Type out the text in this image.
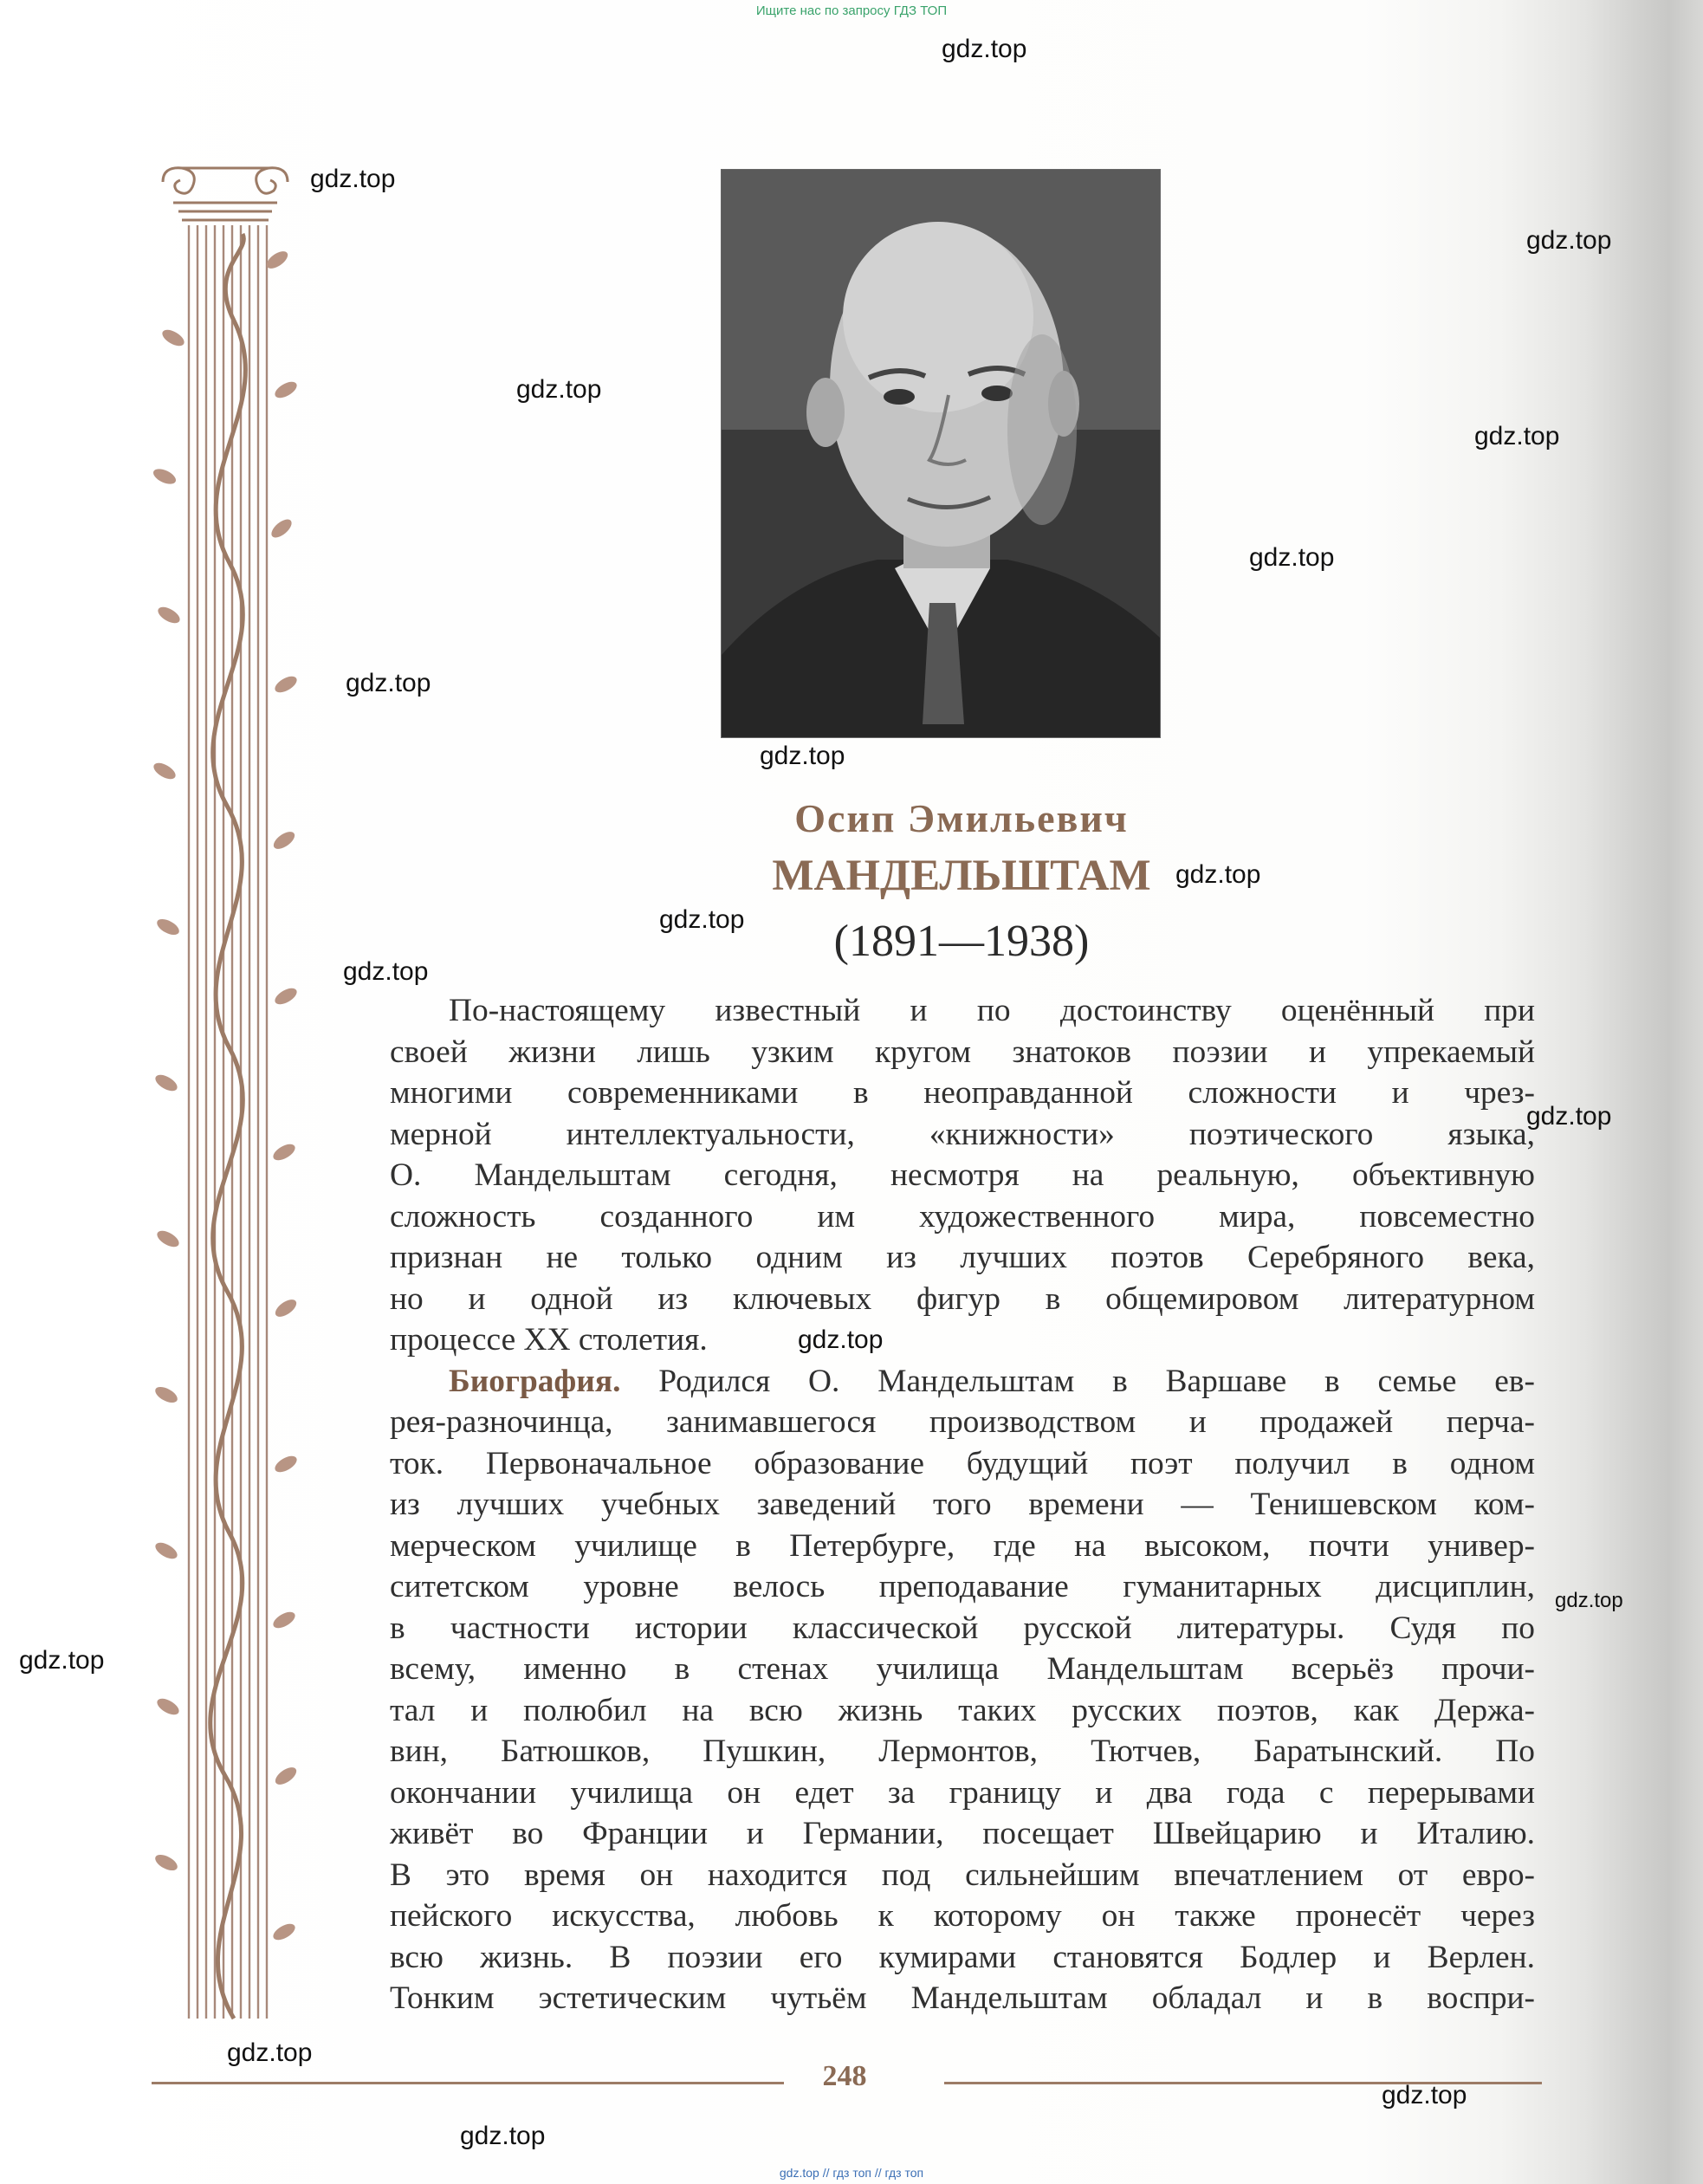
Ищите нас по запросу ГДЗ ТОП
Осип Эмильевич
МАНДЕЛЬШТАМ
(1891—1938)
По-настоящему известный и по достоинству оценённый при
своей жизни лишь узким кругом знатоков поэзии и упрекаемый
многими современниками в неоправданной сложности и чрез-
мерной интеллектуальности, «книжности» поэтического языка,
О. Мандельштам сегодня, несмотря на реальную, объективную
сложность созданного им художественного мира, повсеместно
признан не только одним из лучших поэтов Серебряного века,
но и одной из ключевых фигур в общемировом литературном
процессе XX столетия.
Биография. Родился О. Мандельштам в Варшаве в семье ев-
рея-разночинца, занимавшегося производством и продажей перча-
ток. Первоначальное образование будущий поэт получил в одном
из лучших учебных заведений того времени — Тенишевском ком-
мерческом училище в Петербурге, где на высоком, почти универ-
ситетском уровне велось преподавание гуманитарных дисциплин,
в частности истории классической русской литературы. Судя по
всему, именно в стенах училища Мандельштам всерьёз прочи-
тал и полюбил на всю жизнь таких русских поэтов, как Держа-
вин, Батюшков, Пушкин, Лермонтов, Тютчев, Баратынский. По
окончании училища он едет за границу и два года с перерывами
живёт во Франции и Германии, посещает Швейцарию и Италию.
В это время он находится под сильнейшим впечатлением от евро-
пейского искусства, любовь к которому он также пронесёт через
всю жизнь. В поэзии его кумирами становятся Бодлер и Верлен.
Тонким эстетическим чутьём Мандельштам обладал и в воспри-
248
gdz.top
gdz.top
gdz.top
gdz.top
gdz.top
gdz.top
gdz.top
gdz.top
gdz.top
gdz.top
gdz.top
gdz.top
gdz.top
gdz.top
gdz.top
gdz.top
gdz.top
gdz.top
gdz.top // гдз топ // гдз топ
